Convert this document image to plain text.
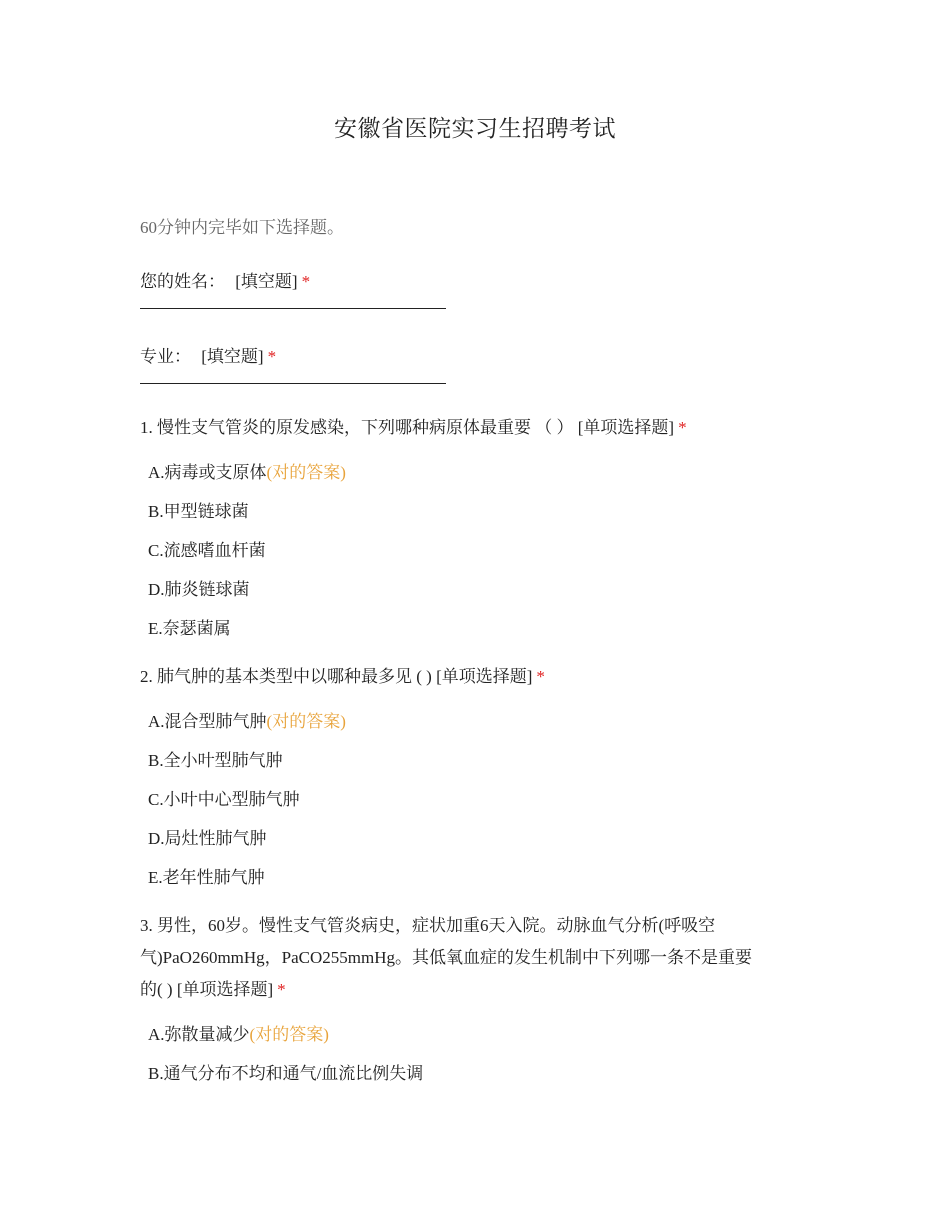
安徽省医院实习生招聘考试
60分钟内完毕如下选择题。
您的姓名： [填空题] *
专业： [填空题] *
1. 慢性支气管炎的原发感染，下列哪种病原体最重要 （ ） [单项选择题] *
A.病毒或支原体(对的答案)
B.甲型链球菌
C.流感嗜血杆菌
D.肺炎链球菌
E.奈瑟菌属
2. 肺气肿的基本类型中以哪种最多见 ( ) [单项选择题] *
A.混合型肺气肿(对的答案)
B.全小叶型肺气肿
C.小叶中心型肺气肿
D.局灶性肺气肿
E.老年性肺气肿
3. 男性，60岁。慢性支气管炎病史，症状加重6天入院。动脉血气分析(呼吸空
气)PaO260mmHg，PaCO255mmHg。其低氧血症的发生机制中下列哪一条不是重要
的( ) [单项选择题] *
A.弥散量减少(对的答案)
B.通气分布不均和通气/血流比例失调
